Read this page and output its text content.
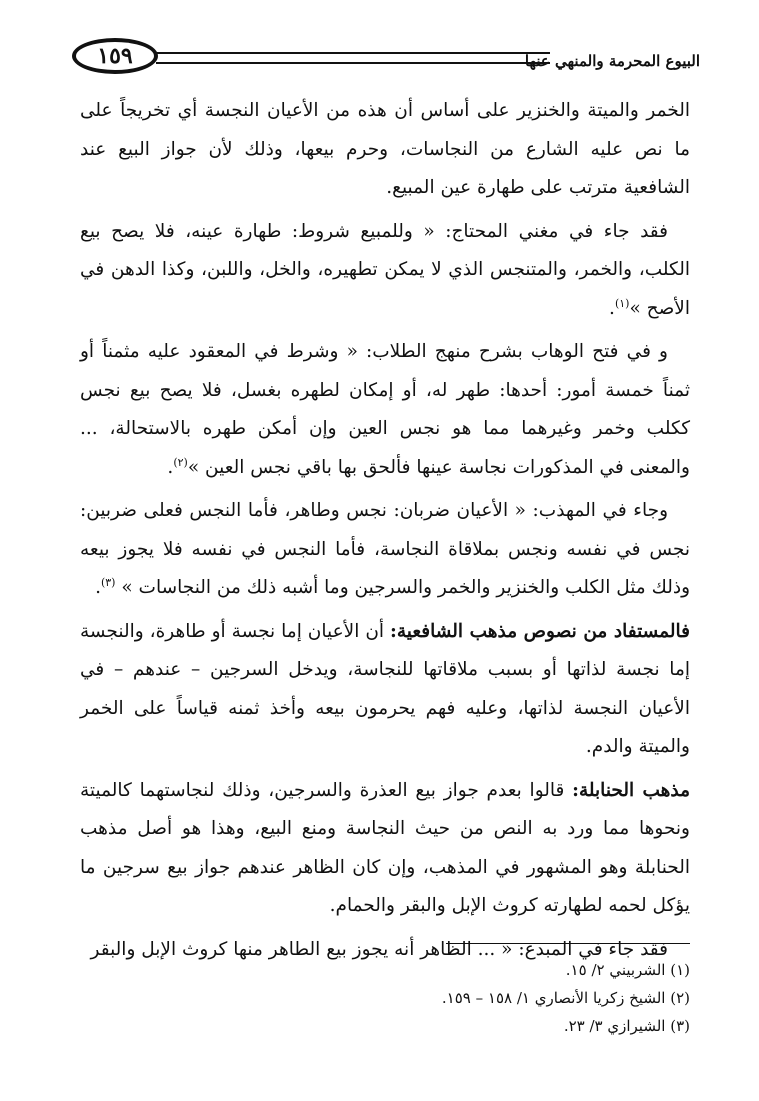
١٥٩	البيوع المحرمة والمنهي عنها

الخمر والميتة والخنزير على أساس أن هذه من الأعيان النجسة أي تخريجاً على ما نص عليه الشارع من النجاسات، وحرم بيعها، وذلك لأن جواز البيع عند الشافعية مترتب على طهارة عين المبيع.

فقد جاء في مغني المحتاج: « وللمبيع شروط: طهارة عينه، فلا يصح بيع الكلب، والخمر، والمتنجس الذي لا يمكن تطهيره، والخل، واللبن، وكذا الدهن في الأصح »$^{(١)}$.

و في فتح الوهاب بشرح منهج الطلاب: « وشرط في المعقود عليه مثمناً أو ثمناً خمسة أمور: أحدها: طهر له، أو إمكان لطهره بغسل، فلا يصح بيع نجس ككلب وخمر وغيرهما مما هو نجس العين وإن أمكن طهره بالاستحالة، ... والمعنى في المذكورات نجاسة عينها فألحق بها باقي نجس العين »$^{(٢)}$.

وجاء في المهذب: « الأعيان ضربان: نجس وطاهر، فأما النجس فعلى ضربين: نجس في نفسه ونجس بملاقاة النجاسة، فأما النجس في نفسه فلا يجوز بيعه وذلك مثل الكلب والخنزير والخمر والسرجين وما أشبه ذلك من النجاسات » $^{(٣)}$.

فالمستفاد من نصوص مذهب الشافعية: أن الأعيان إما نجسة أو طاهرة، والنجسة إما نجسة لذاتها أو بسبب ملاقاتها للنجاسة، ويدخل السرجين – عندهم – في الأعيان النجسة لذاتها، وعليه فهم يحرمون بيعه وأخذ ثمنه قياساً على الخمر والميتة والدم.

مذهب الحنابلة: قالوا بعدم جواز بيع العذرة والسرجين، وذلك لنجاستهما كالميتة ونحوها مما ورد به النص من حيث النجاسة ومنع البيع، وهذا هو أصل مذهب الحنابلة وهو المشهور في المذهب، وإن كان الظاهر عندهم جواز بيع سرجين ما يؤكل لحمه لطهارته كروث الإبل والبقر والحمام.

فقد جاء في المبدع: « ... الظاهر أنه يجوز بيع الطاهر منها كروث الإبل والبقر

(١) الشربيني ٢/ ١٥.
(٢) الشيخ زكريا الأنصاري ١/ ١٥٨ – ١٥٩.
(٣) الشيرازي ٣/ ٢٣.
